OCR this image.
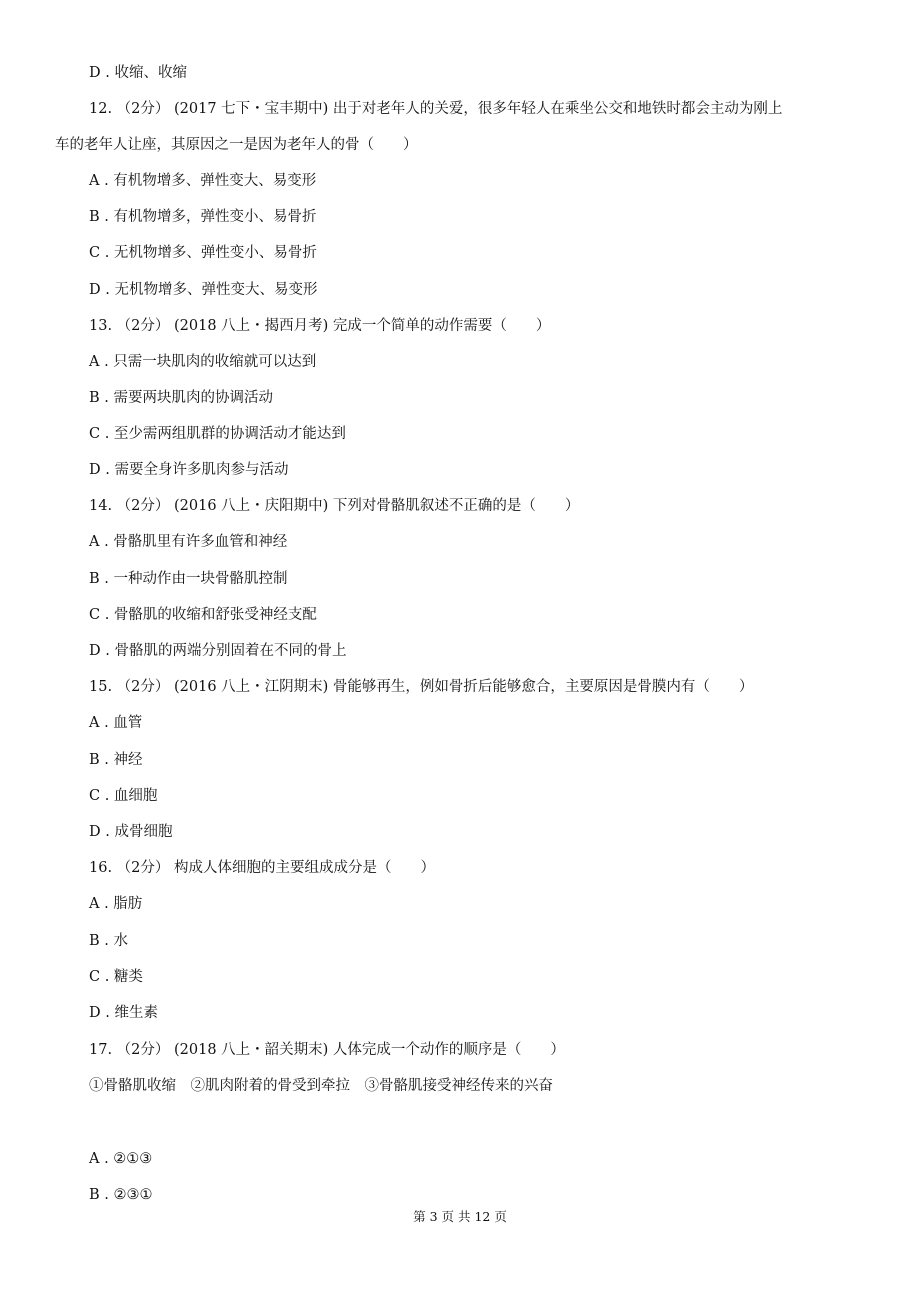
D . 收缩、收缩
12. （2分） (2017 七下・宝丰期中) 出于对老年人的关爱，很多年轻人在乘坐公交和地铁时都会主动为刚上
车的老年人让座，其原因之一是因为老年人的骨（　　）
A . 有机物增多、弹性变大、易变形
B . 有机物增多，弹性变小、易骨折
C . 无机物增多、弹性变小、易骨折
D . 无机物增多、弹性变大、易变形
13. （2分） (2018 八上・揭西月考) 完成一个简单的动作需要（　　）
A . 只需一块肌肉的收缩就可以达到
B . 需要两块肌肉的协调活动
C . 至少需两组肌群的协调活动才能达到
D . 需要全身许多肌肉参与活动
14. （2分） (2016 八上・庆阳期中) 下列对骨骼肌叙述不正确的是（　　）
A . 骨骼肌里有许多血管和神经
B . 一种动作由一块骨骼肌控制
C . 骨骼肌的收缩和舒张受神经支配
D . 骨骼肌的两端分别固着在不同的骨上
15. （2分） (2016 八上・江阴期末) 骨能够再生，例如骨折后能够愈合，主要原因是骨膜内有（　　）
A . 血管
B . 神经
C . 血细胞
D . 成骨细胞
16. （2分） 构成人体细胞的主要组成成分是（　　）
A . 脂肪
B . 水
C . 糖类
D . 维生素
17. （2分） (2018 八上・韶关期末) 人体完成一个动作的顺序是（　　）
①骨骼肌收缩　②肌肉附着的骨受到牵拉　③骨骼肌接受神经传来的兴奋
A . ②①③
B . ②③①
第 3 页 共 12 页
